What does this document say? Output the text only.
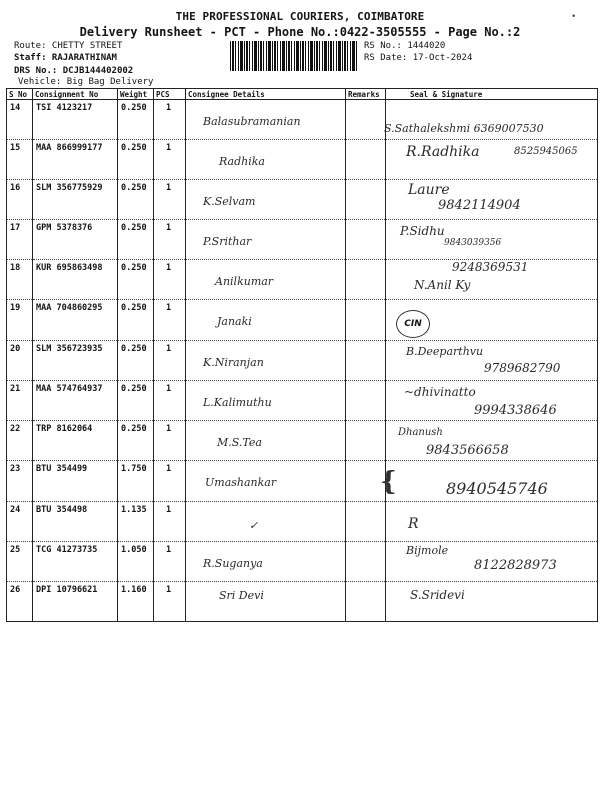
THE PROFESSIONAL COURIERS, COIMBATORE
Delivery Runsheet - PCT - Phone No.:0422-3505555 - Page No.:2
Route: CHETTY STREET
Staff: RAJARATHINAM
DRS No.: DCJB144402002
Vehicle: Big Bag Delivery
RS No.: 1444020
RS Date: 17-Oct-2024
•
S No	Consignment No	Weight	PCS	Consignee Details	Remarks	Seal & Signature
14	TSI 4123217	0.250	1	Balasubramanian		S.Sathalekshmi 6369007530

15	MAA 866999177	0.250	1	Radhika		R.Radhika 8525945065

16	SLM 356775929	0.250	1	K.Selvam		Laure
9842114904

17	GPM 5378376	0.250	1	P.Srithar		P.Sidhu
9843039356

18	KUR 695863498	0.250	1	Anilkumar		9248369531
N.Anil Ky

19	MAA 704860295	0.250	1	Janaki		CIN

20	SLM 356723935	0.250	1	K.Niranjan		B.Deeparthvu
9789682790

21	MAA 574764937	0.250	1	L.Kalimuthu		~dhivinatto
9994338646

22	TRP 8162064	0.250	1	M.S.Tea		Dhanush
9843566658

23	BTU 354499	1.750	1	Umashankar		{ 8940545746

24	BTU 354498	1.135	1	✓		R

25	TCG 41273735	1.050	1	R.Suganya		Bijmole
8122828973

26	DPI 10796621	1.160	1	Sri Devi		S.Sridevi
